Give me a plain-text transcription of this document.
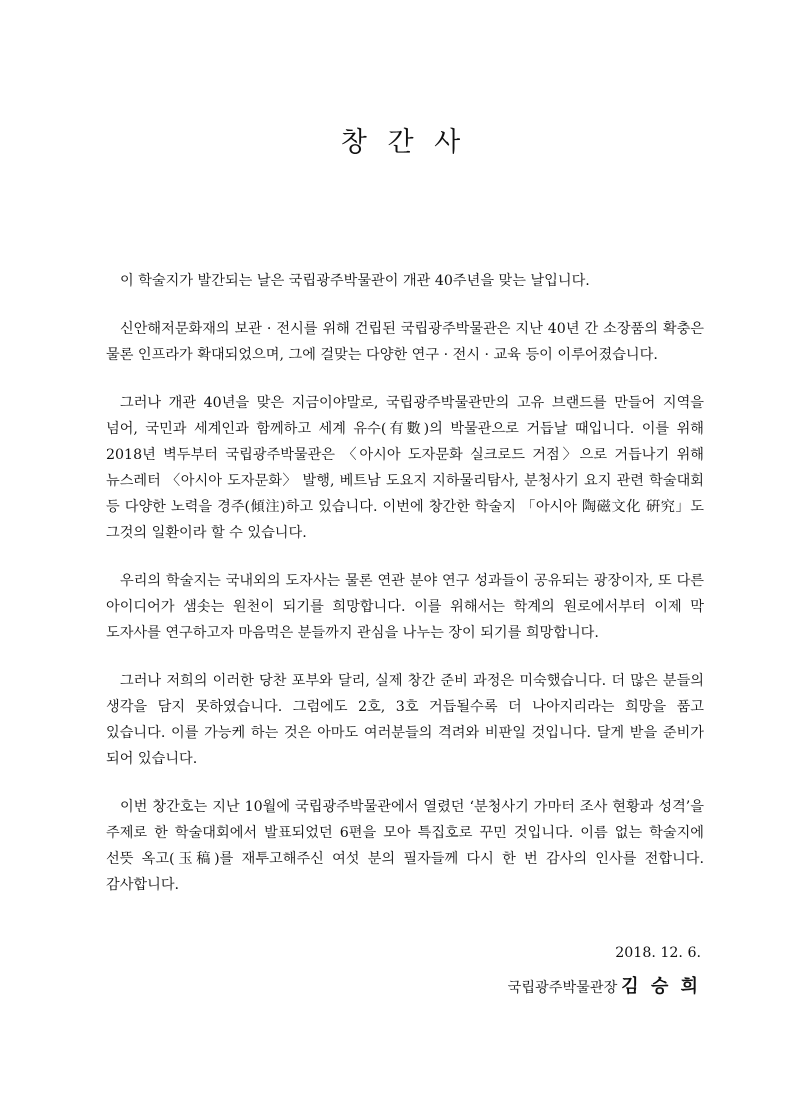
창 간 사

이 학술지가 발간되는 날은 국립광주박물관이 개관 40주년을 맞는 날입니다.

신안해저문화재의 보관 · 전시를 위해 건립된 국립광주박물관은 지난 40년 간 소장품의 확충은 물론 인프라가 확대되었으며, 그에 걸맞는 다양한 연구 · 전시 · 교육 등이 이루어졌습니다.

그러나 개관 40년을 맞은 지금이야말로, 국립광주박물관만의 고유 브랜드를 만들어 지역을 넘어, 국민과 세계인과 함께하고 세계 유수(有數)의 박물관으로 거듭날 때입니다. 이를 위해 2018년 벽두부터 국립광주박물관은 〈아시아 도자문화 실크로드 거점〉으로 거듭나기 위해 뉴스레터 〈아시아 도자문화〉 발행, 베트남 도요지 지하물리탐사, 분청사기 요지 관련 학술대회 등 다양한 노력을 경주(傾注)하고 있습니다. 이번에 창간한 학술지 「아시아 陶磁文化 硏究」도 그것의 일환이라 할 수 있습니다.

우리의 학술지는 국내외의 도자사는 물론 연관 분야 연구 성과들이 공유되는 광장이자, 또 다른 아이디어가 샘솟는 원천이 되기를 희망합니다. 이를 위해서는 학계의 원로에서부터 이제 막 도자사를 연구하고자 마음먹은 분들까지 관심을 나누는 장이 되기를 희망합니다.

그러나 저희의 이러한 당찬 포부와 달리, 실제 창간 준비 과정은 미숙했습니다. 더 많은 분들의 생각을 담지 못하였습니다. 그럼에도 2호, 3호 거듭될수록 더 나아지리라는 희망을 품고 있습니다. 이를 가능케 하는 것은 아마도 여러분들의 격려와 비판일 것입니다. 달게 받을 준비가 되어 있습니다.

이번 창간호는 지난 10월에 국립광주박물관에서 열렸던 ‘분청사기 가마터 조사 현황과 성격’을 주제로 한 학술대회에서 발표되었던 6편을 모아 특집호로 꾸민 것입니다. 이름 없는 학술지에 선뜻 옥고(玉稿)를 재투고해주신 여섯 분의 필자들께 다시 한 번 감사의 인사를 전합니다. 감사합니다.

2018. 12. 6.

국립광주박물관장 김 승 희
